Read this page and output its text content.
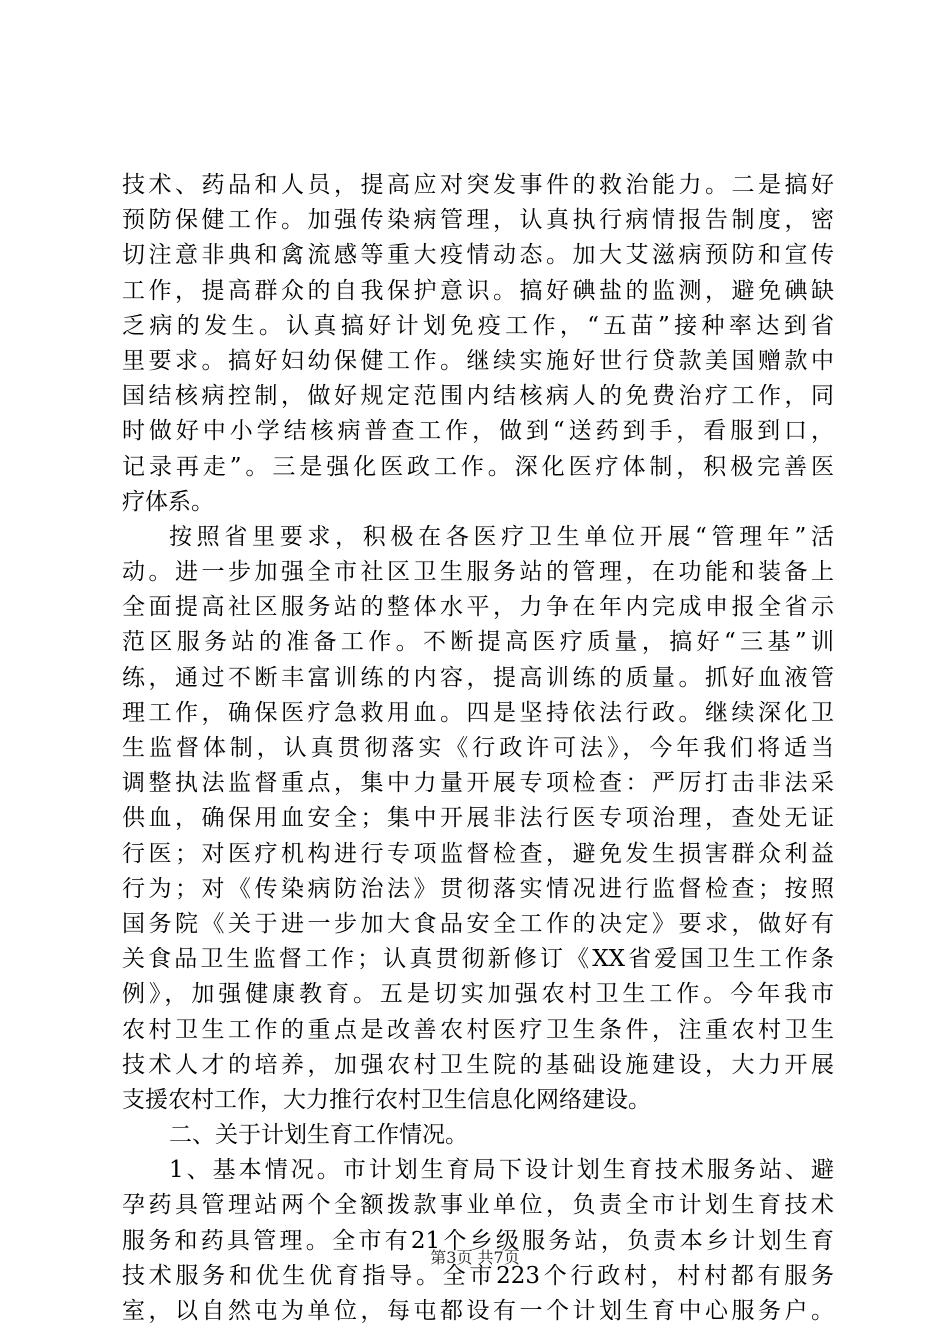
技术、药品和人员，提高应对突发事件的救治能力。二是搞好
预防保健工作。加强传染病管理，认真执行病情报告制度，密
切注意非典和禽流感等重大疫情动态。加大艾滋病预防和宣传
工作，提高群众的自我保护意识。搞好碘盐的监测，避免碘缺
乏病的发生。认真搞好计划免疫工作，“五苗”接种率达到省
里要求。搞好妇幼保健工作。继续实施好世行贷款美国赠款中
国结核病控制，做好规定范围内结核病人的免费治疗工作，同
时做好中小学结核病普查工作，做到“送药到手，看服到口，
记录再走”。三是强化医政工作。深化医疗体制，积极完善医
疗体系。
按照省里要求，积极在各医疗卫生单位开展“管理年”活
动。进一步加强全市社区卫生服务站的管理，在功能和装备上
全面提高社区服务站的整体水平，力争在年内完成申报全省示
范区服务站的准备工作。不断提高医疗质量，搞好“三基”训
练，通过不断丰富训练的内容，提高训练的质量。抓好血液管
理工作，确保医疗急救用血。四是坚持依法行政。继续深化卫
生监督体制，认真贯彻落实《行政许可法》，今年我们将适当
调整执法监督重点，集中力量开展专项检查：严厉打击非法采
供血，确保用血安全；集中开展非法行医专项治理，查处无证
行医；对医疗机构进行专项监督检查，避免发生损害群众利益
行为；对《传染病防治法》贯彻落实情况进行监督检查；按照
国务院《关于进一步加大食品安全工作的决定》要求，做好有
关食品卫生监督工作；认真贯彻新修订《XX省爱国卫生工作条
例》，加强健康教育。五是切实加强农村卫生工作。今年我市
农村卫生工作的重点是改善农村医疗卫生条件，注重农村卫生
技术人才的培养，加强农村卫生院的基础设施建设，大力开展
支援农村工作，大力推行农村卫生信息化网络建设。
二、关于计划生育工作情况。
1、基本情况。市计划生育局下设计划生育技术服务站、避
孕药具管理站两个全额拨款事业单位，负责全市计划生育技术
服务和药具管理。全市有21个乡级服务站，负责本乡计划生育
技术服务和优生优育指导。全市223个行政村，村村都有服务
室，以自然屯为单位，每屯都设有一个计划生育中心服务户。
第3页 共7页
